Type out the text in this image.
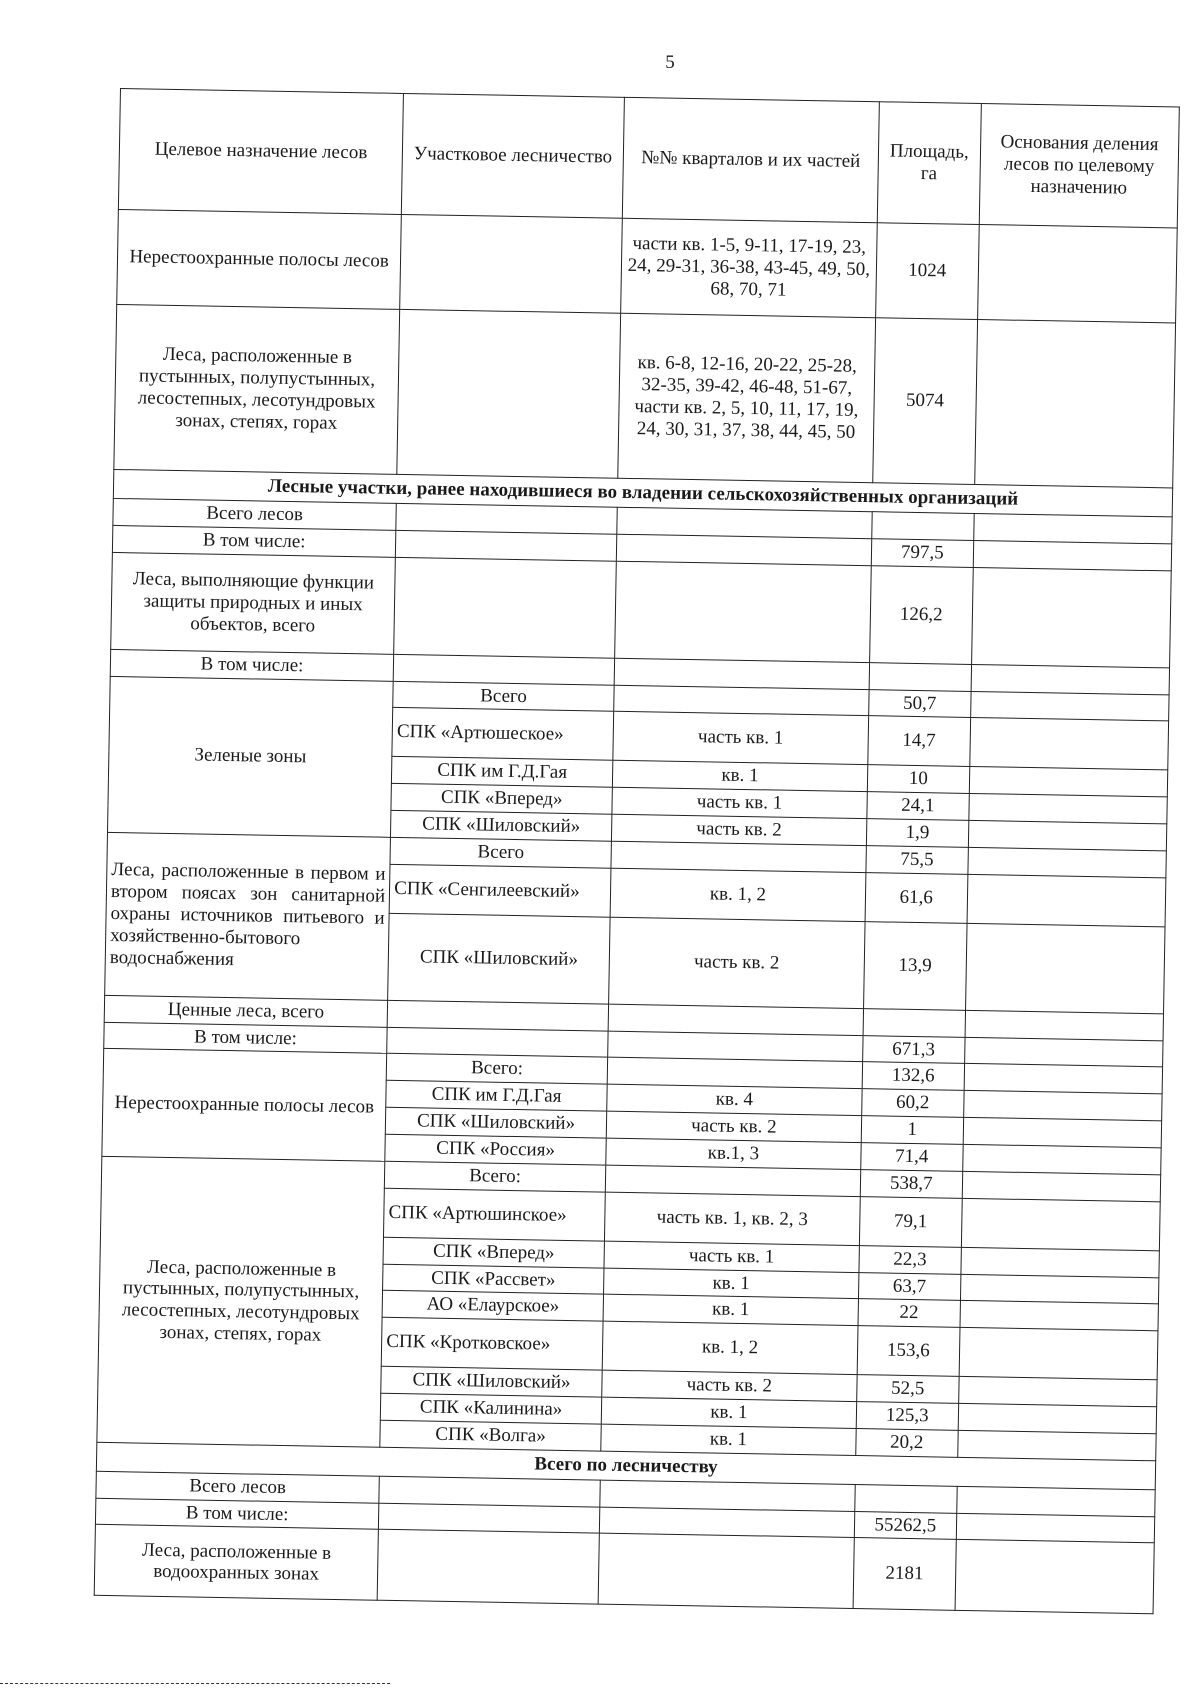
5
Целевое назначение лесов	Участковое лесничество	№№ кварталов и их частей	Площадь, га	Основания деления лесов по целевому назначению
Нерестоохранные полосы лесов		части кв. 1-5, 9-11, 17-19, 23, 24, 29-31, 36-38, 43-45, 49, 50, 68, 70, 71	1024	
Леса, расположенные в пустынных, полупустынных, лесостепных, лесотундровых зонах, степях, горах		кв. 6-8, 12-16, 20-22, 25-28, 32-35, 39-42, 46-48, 51-67, части кв. 2, 5, 10, 11, 17, 19, 24, 30, 31, 37, 38, 44, 45, 50	5074	
Лесные участки, ранее находившиеся во владении сельскохозяйственных организаций				
Всего лесов				
В том числе:			797,5	
Леса, выполняющие функции защиты природных и иных объектов, всего			126,2	
В том числе:				
Зеленые зоны	Всего		50,7	
	СПК «Артюшеское»	часть кв. 1	14,7	
	СПК им Г.Д.Гая	кв. 1	10	
	СПК «Вперед»	часть кв. 1	24,1	
	СПК «Шиловский»	часть кв. 2	1,9	
Леса, расположенные в первом и втором поясах зон санитарной охраны источников питьевого и хозяйственно-бытового водоснабжения	Всего		75,5	
	СПК «Сенгилеевский»	кв. 1, 2	61,6	
	СПК «Шиловский»	часть кв. 2	13,9	
Ценные леса, всего				
В том числе:			671,3	
Нерестоохранные полосы лесов	Всего:		132,6	
	СПК им Г.Д.Гая	кв. 4	60,2	
	СПК «Шиловский»	часть кв. 2	1	
	СПК «Россия»	кв.1, 3	71,4	
Леса, расположенные в пустынных, полупустынных, лесостепных, лесотундровых зонах, степях, горах	Всего:		538,7	
	СПК «Артюшинское»	часть кв. 1, кв. 2, 3	79,1	
	СПК «Вперед»	часть кв. 1	22,3	
	СПК «Рассвет»	кв. 1	63,7	
	АО «Елаурское»	кв. 1	22	
	СПК «Кротковское»	кв. 1, 2	153,6	
	СПК «Шиловский»	часть кв. 2	52,5	
	СПК «Калинина»	кв. 1	125,3	
	СПК «Волга»	кв. 1	20,2	
Всего по лесничеству				
Всего лесов				
В том числе:			55262,5	
Леса, расположенные в водоохранных зонах			2181	
